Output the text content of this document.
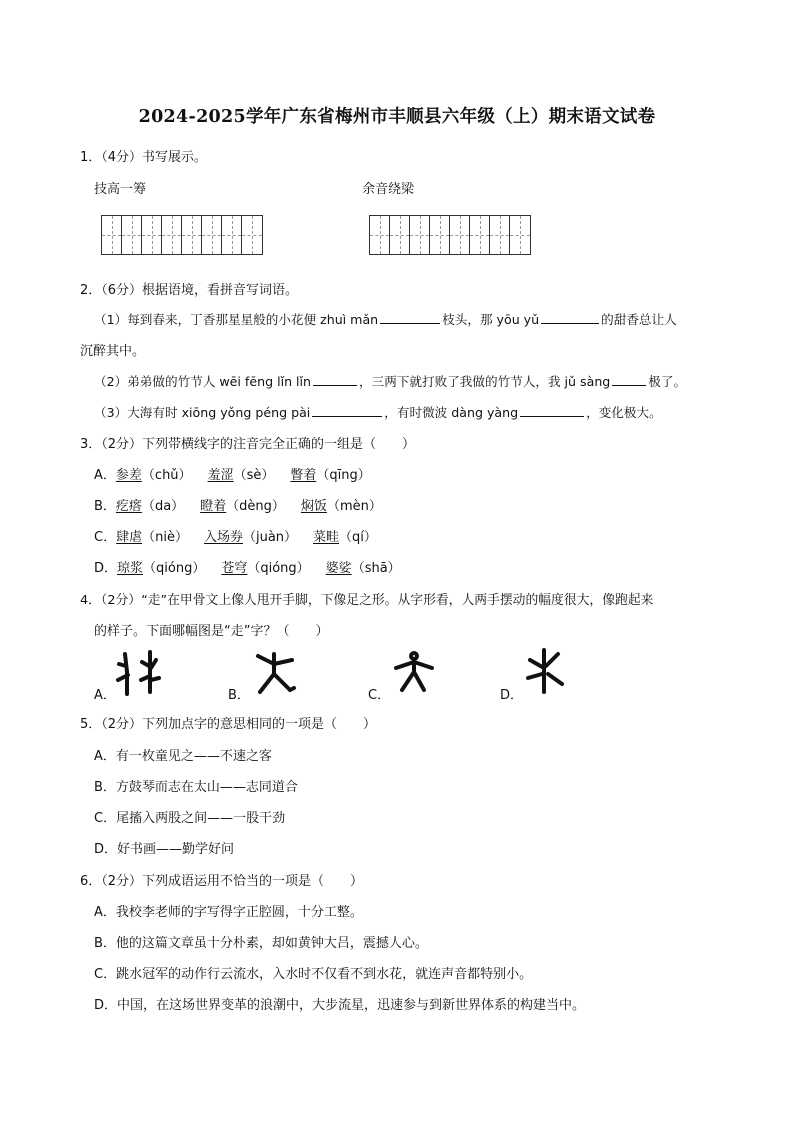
2024-2025学年广东省梅州市丰顺县六年级（上）期末语文试卷
1．（4分）书写展示。
技高一筹	余音绕梁
2．（6分）根据语境，看拼音写词语。
（1）每到春来，丁香那星星般的小花便 zhuì mǎn	枝头，那 yōu yǔ	的甜香总让人
沉醉其中。
（2）弟弟做的竹节人 wēi fēng lǐn lǐn	，三两下就打败了我做的竹节人，我 jǔ sàng	极了。
（3）大海有时 xiōng yǒng péng pài	，有时微波 dàng yàng	，变化极大。
3．（2分）下列带横线字的注音完全正确的一组是（　　）
A．参差（chǔ） 羞涩（sè） 瞥着（qīng）
B．疙瘩（da） 瞪着（dèng） 焖饭（mèn）
C．肆虐（niè） 入场券（juàn） 菜畦（qí）
D．琼浆（qióng） 苍穹（qióng） 婆娑（shā）
4．（2分）“走”在甲骨文上像人甩开手脚，下像足之形。从字形看，人两手摆动的幅度很大，像跑起来
的样子。下面哪幅图是“走”字？（　　）
A．	B．	C．	D．
5．（2分）下列加点字的意思相同的一项是（　　）
A．有一枚童见之——不速之客
B．方鼓琴而志在太山——志同道合
C．尾搐入两股之间——一股干劲
D．好书画——勤学好问
6．（2分）下列成语运用不恰当的一项是（　　）
A．我校李老师的字写得字正腔圆，十分工整。
B．他的这篇文章虽十分朴素，却如黄钟大吕，震撼人心。
C．跳水冠军的动作行云流水，入水时不仅看不到水花，就连声音都特别小。
D．中国，在这场世界变革的浪潮中，大步流星，迅速参与到新世界体系的构建当中。
